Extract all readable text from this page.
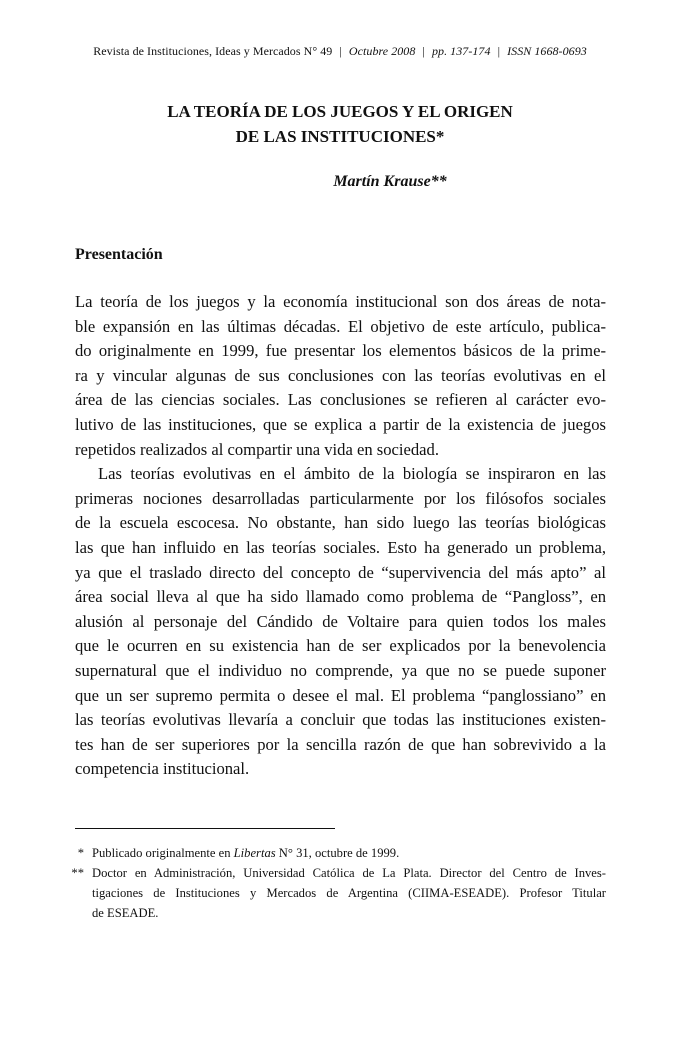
Revista de Instituciones, Ideas y Mercados N° 49 | Octubre 2008 | pp. 137-174 | ISSN 1668-0693
LA TEORÍA DE LOS JUEGOS Y EL ORIGEN
DE LAS INSTITUCIONES*
Martín Krause**
Presentación

La teoría de los juegos y la economía institucional son dos áreas de nota-
ble expansión en las últimas décadas. El objetivo de este artículo, publica-
do originalmente en 1999, fue presentar los elementos básicos de la prime-
ra y vincular algunas de sus conclusiones con las teorías evolutivas en el
área de las ciencias sociales. Las conclusiones se refieren al carácter evo-
lutivo de las instituciones, que se explica a partir de la existencia de juegos
repetidos realizados al compartir una vida en sociedad.

Las teorías evolutivas en el ámbito de la biología se inspiraron en las
primeras nociones desarrolladas particularmente por los filósofos sociales
de la escuela escocesa. No obstante, han sido luego las teorías biológicas
las que han influido en las teorías sociales. Esto ha generado un problema,
ya que el traslado directo del concepto de “supervivencia del más apto” al
área social lleva al que ha sido llamado como problema de “Pangloss”, en
alusión al personaje del Cándido de Voltaire para quien todos los males
que le ocurren en su existencia han de ser explicados por la benevolencia
supernatural que el individuo no comprende, ya que no se puede suponer
que un ser supremo permita o desee el mal. El problema “panglossiano” en
las teorías evolutivas llevaría a concluir que todas las instituciones existen-
tes han de ser superiores por la sencilla razón de que han sobrevivido a la
competencia institucional.

* Publicado originalmente en Libertas N° 31, octubre de 1999.
** Doctor en Administración, Universidad Católica de La Plata. Director del Centro de Inves-
tigaciones de Instituciones y Mercados de Argentina (CIIMA-ESEADE). Profesor Titular
de ESEADE.
